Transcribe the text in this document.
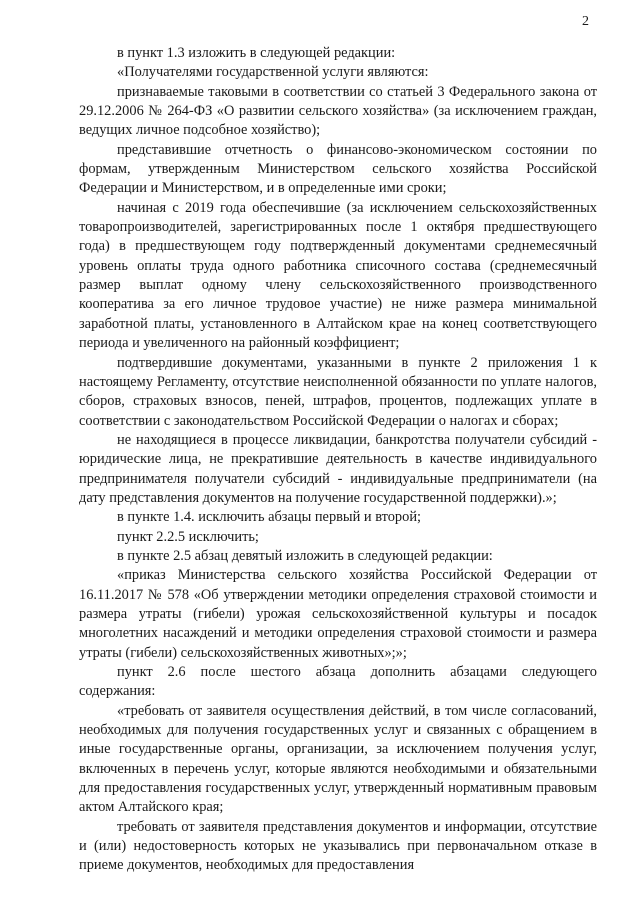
2

в пункт 1.3 изложить в следующей редакции:

«Получателями государственной услуги являются:

признаваемые таковыми в соответствии со статьей 3 Федерального закона от 29.12.2006 № 264-ФЗ «О развитии сельского хозяйства» (за исключением граждан, ведущих личное подсобное хозяйство);

представившие отчетность о финансово-экономическом состоянии по формам, утвержденным Министерством сельского хозяйства Российской Федерации и Министерством, и в определенные ими сроки;

начиная с 2019 года обеспечившие (за исключением сельскохозяйственных товаропроизводителей, зарегистрированных после 1 октября предшествующего года) в предшествующем году подтвержденный документами среднемесячный уровень оплаты труда одного работника списочного состава (среднемесячный размер выплат одному члену сельскохозяйственного производственного кооператива за его личное трудовое участие) не ниже размера минимальной заработной платы, установленного в Алтайском крае на конец соответствующего периода и увеличенного на районный коэффициент;

подтвердившие документами, указанными в пункте 2 приложения 1 к настоящему Регламенту, отсутствие неисполненной обязанности по уплате налогов, сборов, страховых взносов, пеней, штрафов, процентов, подлежащих уплате в соответствии с законодательством Российской Федерации о налогах и сборах;

не находящиеся в процессе ликвидации, банкротства получатели субсидий - юридические лица, не прекратившие деятельность в качестве индивидуального предпринимателя получатели субсидий - индивидуальные предприниматели (на дату представления документов на получение государственной поддержки).»;

в пункте 1.4. исключить абзацы первый и второй;

пункт 2.2.5 исключить;

в пункте 2.5 абзац девятый изложить в следующей редакции:

«приказ Министерства сельского хозяйства Российской Федерации от 16.11.2017 № 578 «Об утверждении методики определения страховой стоимости и размера утраты (гибели) урожая сельскохозяйственной культуры и посадок многолетних насаждений и методики определения страховой стоимости и размера утраты (гибели) сельскохозяйственных животных»;»;

пункт 2.6 после шестого абзаца дополнить абзацами следующего содержания:

«требовать от заявителя осуществления действий, в том числе согласований, необходимых для получения государственных услуг и связанных с обращением в иные государственные органы, организации, за исключением получения услуг, включенных в перечень услуг, которые являются необходимыми и обязательными для предоставления государственных услуг, утвержденный нормативным правовым актом Алтайского края;

требовать от заявителя представления документов и информации, отсутствие и (или) недостоверность которых не указывались при первоначальном отказе в приеме документов, необходимых для предоставления
